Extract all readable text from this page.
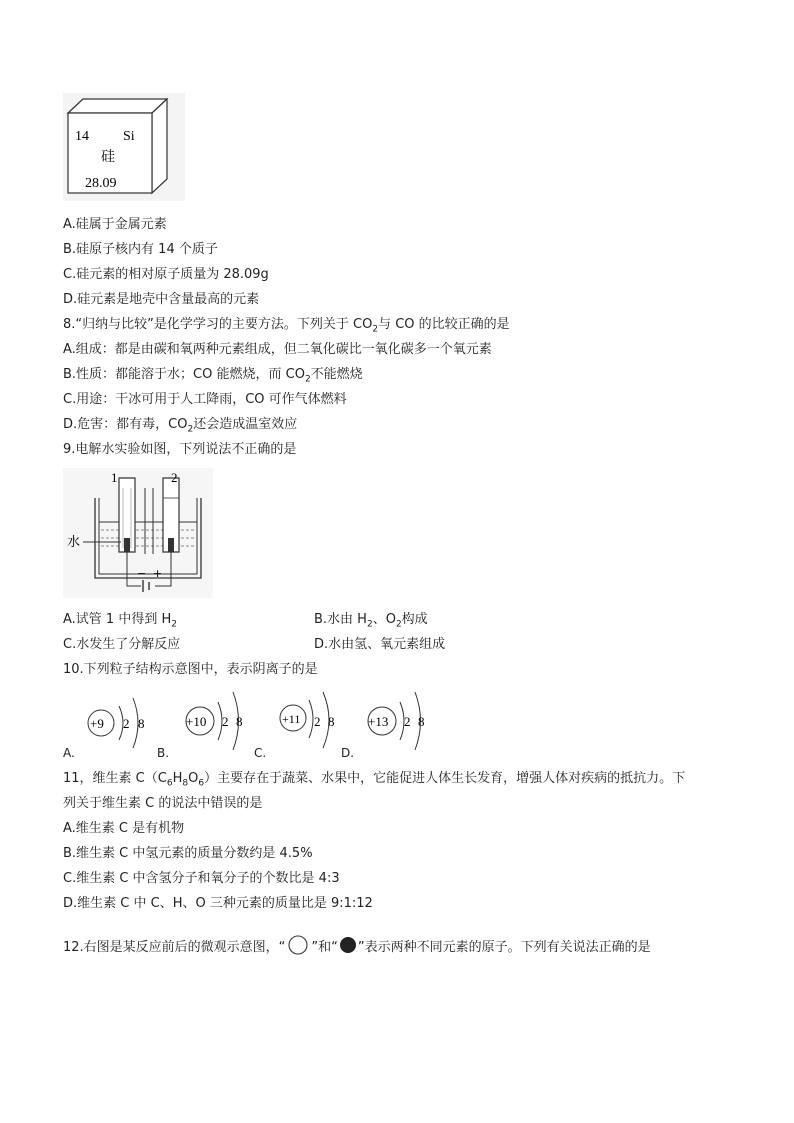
14 Si
硅
28.09
A.硅属于金属元素
B.硅原子核内有 14 个质子
C.硅元素的相对原子质量为 28.09g
D.硅元素是地壳中含量最高的元素
8.“归纳与比较”是化学学习的主要方法。下列关于 $CO_2$与 CO 的比较正确的是
A.组成：都是由碳和氧两种元素组成，但二氧化碳比一氧化碳多一个氧元素
B.性质：都能溶于水；CO 能燃烧，而 $CO_2$不能燃烧
C.用途：干冰可用于人工降雨，CO 可作气体燃料
D.危害：都有毒，$CO_2$还会造成温室效应
9.电解水实验如图，下列说法不正确的是
− +
1	2
水
A.试管 1 中得到 $H_2$	B.水由 $H_2$、$O_2$构成
C.水发生了分解反应	D.水由氢、氧元素组成
10.下列粒子结构示意图中，表示阴离子的是
+9 2 8	+10 2 8	+11 2 8	+13 2 8
A.	B.	C.	D.
11，维生素 $C(C_6H_8O_6)$主要存在于蔬菜、水果中，它能促进人体生长发育，增强人体对疾病的抵抗力。下
列关于维生素 C 的说法中错误的是
A.维生素 C 是有机物
B.维生素 C 中氢元素的质量分数约是 4.5%
C.维生素 C 中含氢分子和氧分子的个数比是 4:3
D.维生素 C 中 C、H、O 三种元素的质量比是 9:1:12
12.右图是某反应前后的微观示意图，“ ”和“ ”表示两种不同元素的原子。下列有关说法正确的是
